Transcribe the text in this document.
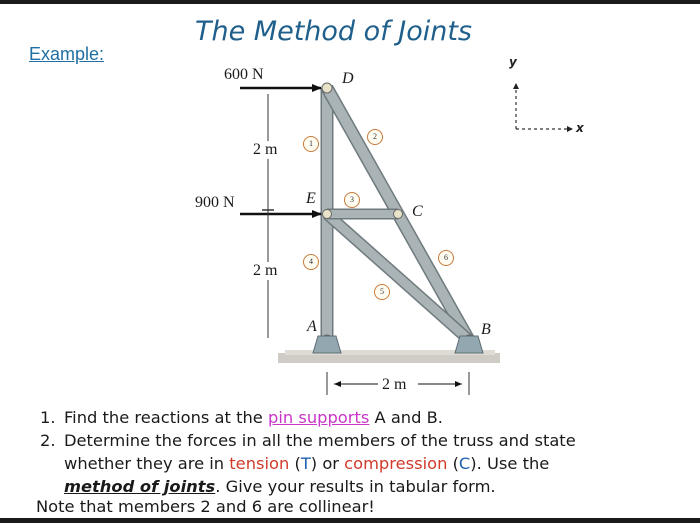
The Method of Joints
Example:
600 N
900 N
2 m
2 m
2 m
D
E
C
A	B
1
2
3
4
5
6
y
x
1. Find the reactions at the pin supports A and B.
2. Determine the forces in all the members of the truss and state
whether they are in tension (T) or compression (C). Use the
method of joints. Give your results in tabular form.
Note that members 2 and 6 are collinear!
